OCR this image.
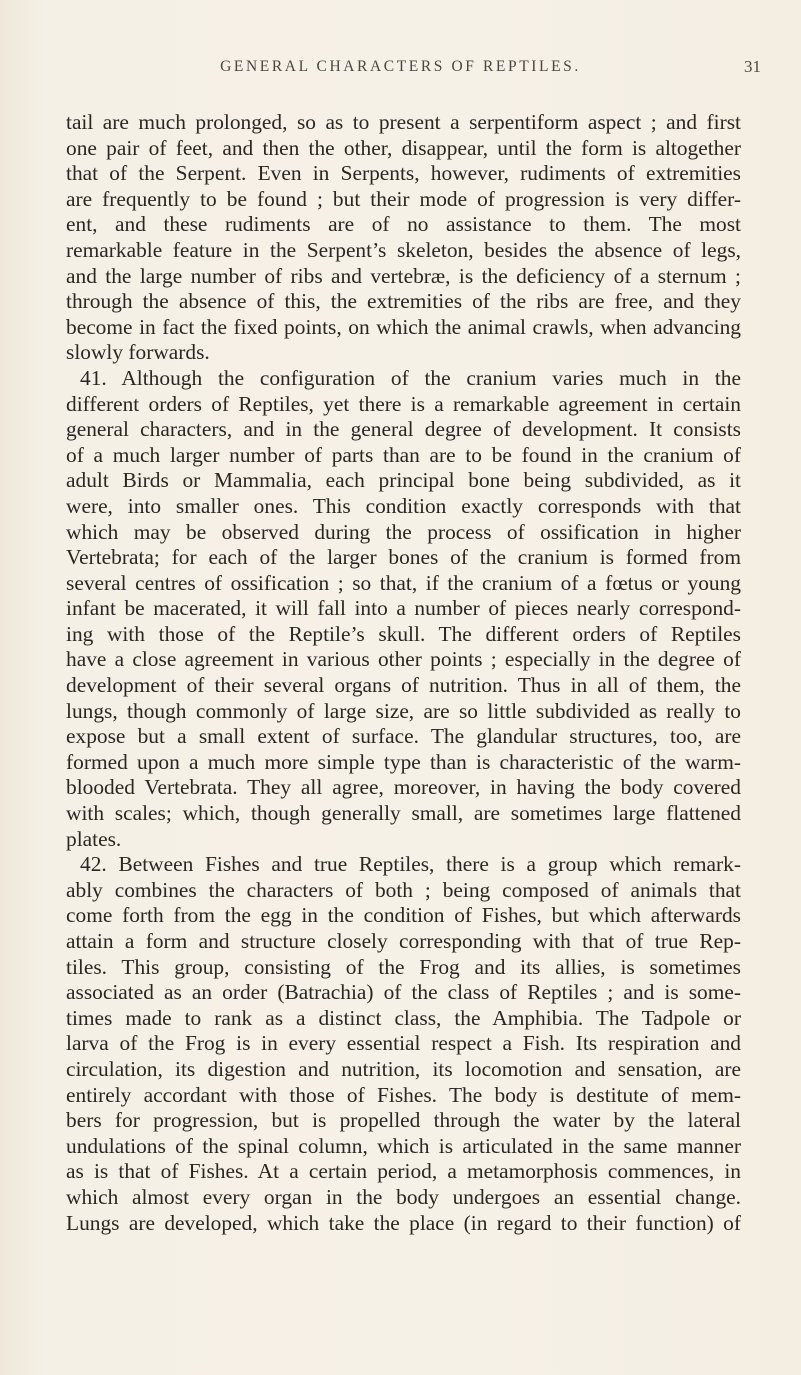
GENERAL CHARACTERS OF REPTILES.	31
tail are much prolonged, so as to present a serpentiform aspect ; and first
one pair of feet, and then the other, disappear, until the form is altogether
that of the Serpent. Even in Serpents, however, rudiments of extremities
are frequently to be found ; but their mode of progression is very differ-
ent, and these rudiments are of no assistance to them. The most
remarkable feature in the Serpent’s skeleton, besides the absence of legs,
and the large number of ribs and vertebræ, is the deficiency of a sternum ;
through the absence of this, the extremities of the ribs are free, and they
become in fact the fixed points, on which the animal crawls, when advancing
slowly forwards.
41. Although the configuration of the cranium varies much in the
different orders of Reptiles, yet there is a remarkable agreement in certain
general characters, and in the general degree of development. It consists
of a much larger number of parts than are to be found in the cranium of
adult Birds or Mammalia, each principal bone being subdivided, as it
were, into smaller ones. This condition exactly corresponds with that
which may be observed during the process of ossification in higher
Vertebrata; for each of the larger bones of the cranium is formed from
several centres of ossification ; so that, if the cranium of a fœtus or young
infant be macerated, it will fall into a number of pieces nearly correspond-
ing with those of the Reptile’s skull. The different orders of Reptiles
have a close agreement in various other points ; especially in the degree of
development of their several organs of nutrition. Thus in all of them, the
lungs, though commonly of large size, are so little subdivided as really to
expose but a small extent of surface. The glandular structures, too, are
formed upon a much more simple type than is characteristic of the warm-
blooded Vertebrata. They all agree, moreover, in having the body covered
with scales; which, though generally small, are sometimes large flattened
plates.
42. Between Fishes and true Reptiles, there is a group which remark-
ably combines the characters of both ; being composed of animals that
come forth from the egg in the condition of Fishes, but which afterwards
attain a form and structure closely corresponding with that of true Rep-
tiles. This group, consisting of the Frog and its allies, is sometimes
associated as an order (Batrachia) of the class of Reptiles ; and is some-
times made to rank as a distinct class, the Amphibia. The Tadpole or
larva of the Frog is in every essential respect a Fish. Its respiration and
circulation, its digestion and nutrition, its locomotion and sensation, are
entirely accordant with those of Fishes. The body is destitute of mem-
bers for progression, but is propelled through the water by the lateral
undulations of the spinal column, which is articulated in the same manner
as is that of Fishes. At a certain period, a metamorphosis commences, in
which almost every organ in the body undergoes an essential change.
Lungs are developed, which take the place (in regard to their function) of
